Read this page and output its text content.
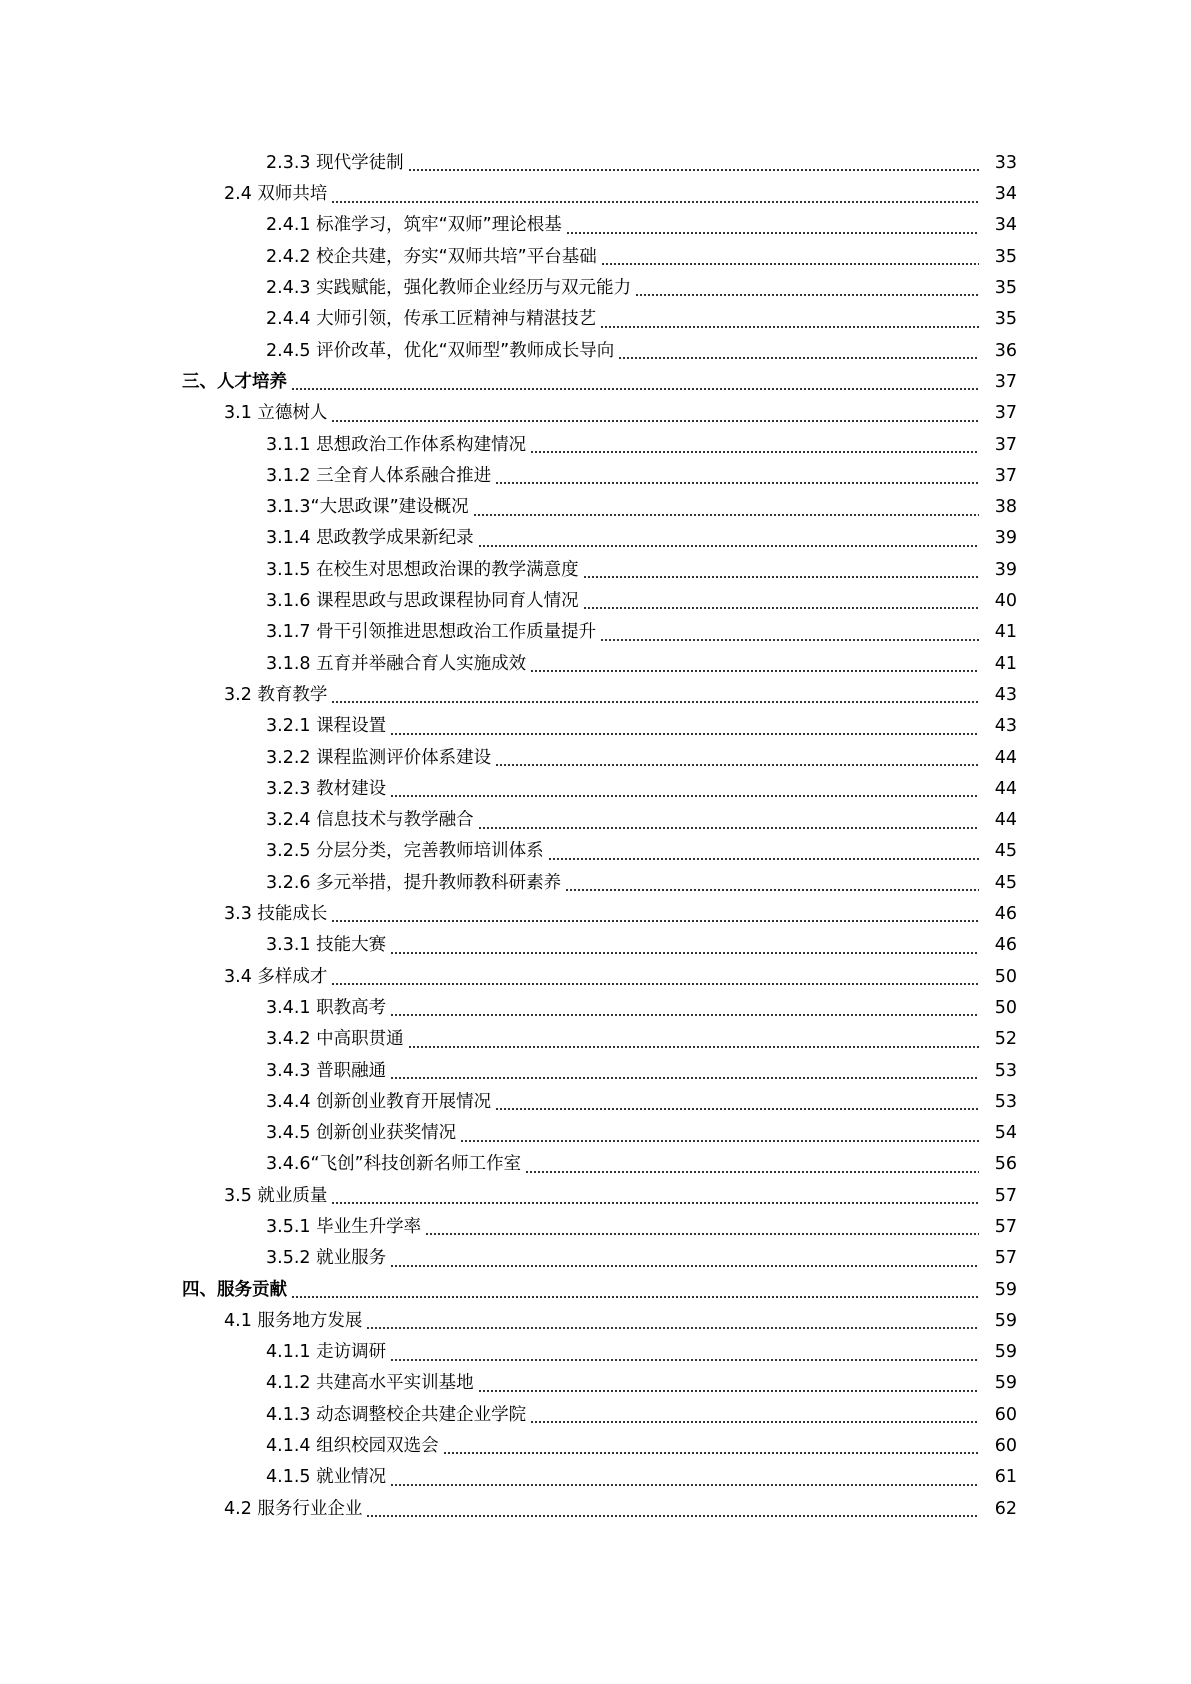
2.3.3 现代学徒制	33
2.4 双师共培	34
2.4.1 标准学习，筑牢“双师”理论根基	34
2.4.2 校企共建，夯实“双师共培”平台基础	35
2.4.3 实践赋能，强化教师企业经历与双元能力	35
2.4.4 大师引领，传承工匠精神与精湛技艺	35
2.4.5 评价改革，优化“双师型”教师成长导向	36
三、人才培养	37
3.1 立德树人	37
3.1.1 思想政治工作体系构建情况	37
3.1.2 三全育人体系融合推进	37
3.1.3“大思政课”建设概况	38
3.1.4 思政教学成果新纪录	39
3.1.5 在校生对思想政治课的教学满意度	39
3.1.6 课程思政与思政课程协同育人情况	40
3.1.7 骨干引领推进思想政治工作质量提升	41
3.1.8 五育并举融合育人实施成效	41
3.2 教育教学	43
3.2.1 课程设置	43
3.2.2 课程监测评价体系建设	44
3.2.3 教材建设	44
3.2.4 信息技术与教学融合	44
3.2.5 分层分类，完善教师培训体系	45
3.2.6 多元举措，提升教师教科研素养	45
3.3 技能成长	46
3.3.1 技能大赛	46
3.4 多样成才	50
3.4.1 职教高考	50
3.4.2 中高职贯通	52
3.4.3 普职融通	53
3.4.4 创新创业教育开展情况	53
3.4.5 创新创业获奖情况	54
3.4.6“飞创”科技创新名师工作室	56
3.5 就业质量	57
3.5.1 毕业生升学率	57
3.5.2 就业服务	57
四、服务贡献	59
4.1 服务地方发展	59
4.1.1 走访调研	59
4.1.2 共建高水平实训基地	59
4.1.3 动态调整校企共建企业学院	60
4.1.4 组织校园双选会	60
4.1.5 就业情况	61
4.2 服务行业企业	62
